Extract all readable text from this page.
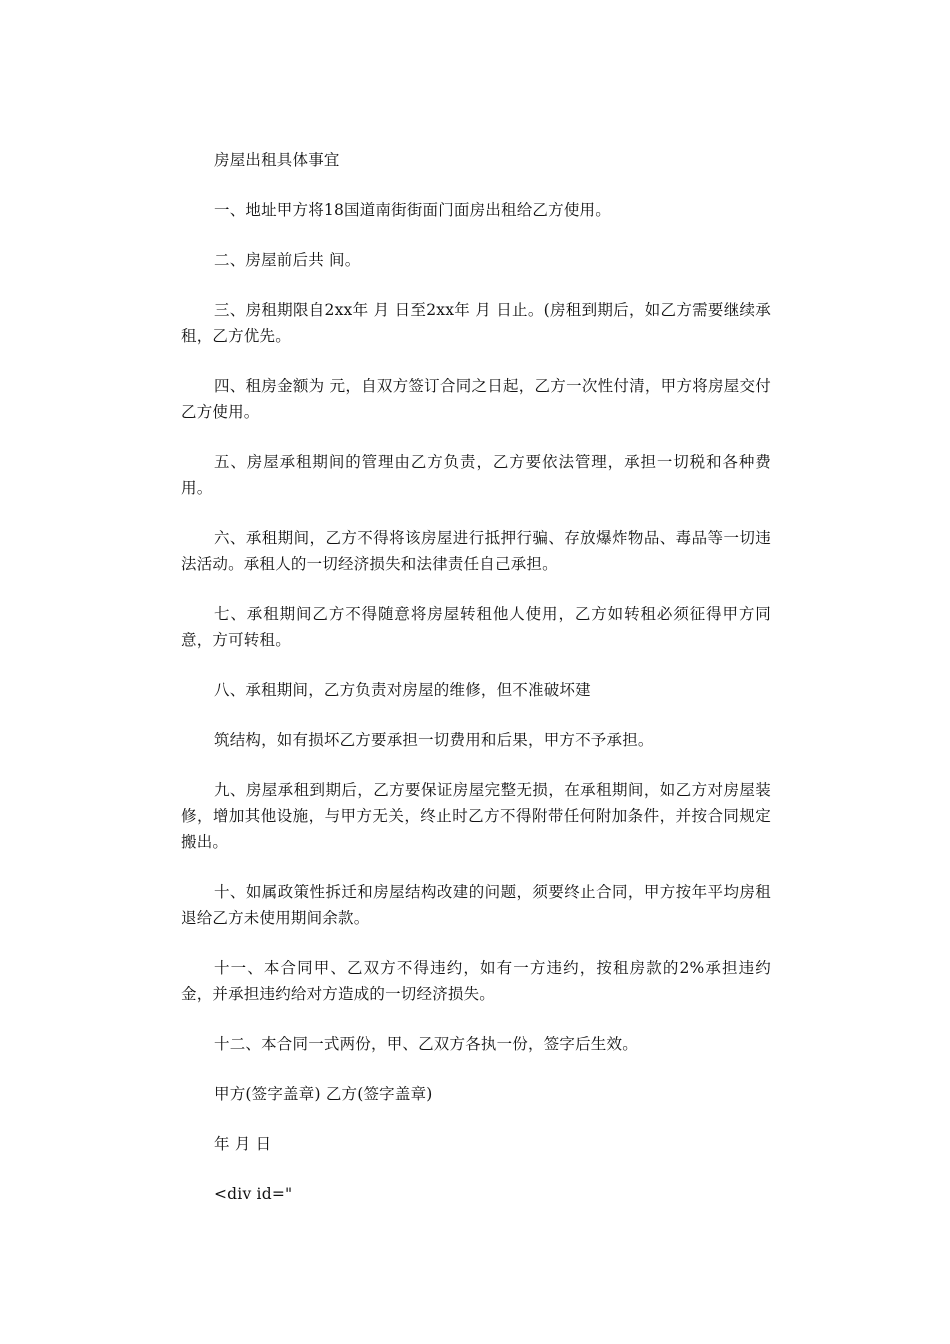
房屋出租具体事宜

一、地址甲方将18国道南街街面门面房出租给乙方使用。

二、房屋前后共 间。

三、房租期限自2xx年 月 日至2xx年 月 日止。(房租到期后，如乙方需要继续承租，乙方优先。

四、租房金额为 元，自双方签订合同之日起，乙方一次性付清，甲方将房屋交付乙方使用。

五、房屋承租期间的管理由乙方负责，乙方要依法管理，承担一切税和各种费用。

六、承租期间，乙方不得将该房屋进行抵押行骗、存放爆炸物品、毒品等一切违法活动。承租人的一切经济损失和法律责任自己承担。

七、承租期间乙方不得随意将房屋转租他人使用，乙方如转租必须征得甲方同意，方可转租。

八、承租期间，乙方负责对房屋的维修，但不准破坏建

筑结构，如有损坏乙方要承担一切费用和后果，甲方不予承担。

九、房屋承租到期后，乙方要保证房屋完整无损，在承租期间，如乙方对房屋装修，增加其他设施，与甲方无关，终止时乙方不得附带任何附加条件，并按合同规定搬出。

十、如属政策性拆迁和房屋结构改建的问题，须要终止合同，甲方按年平均房租退给乙方未使用期间余款。

十一、本合同甲、乙双方不得违约，如有一方违约，按租房款的2%承担违约金，并承担违约给对方造成的一切经济损失。

十二、本合同一式两份，甲、乙双方各执一份，签字后生效。

甲方(签字盖章) 乙方(签字盖章)

年 月 日

<div id="
